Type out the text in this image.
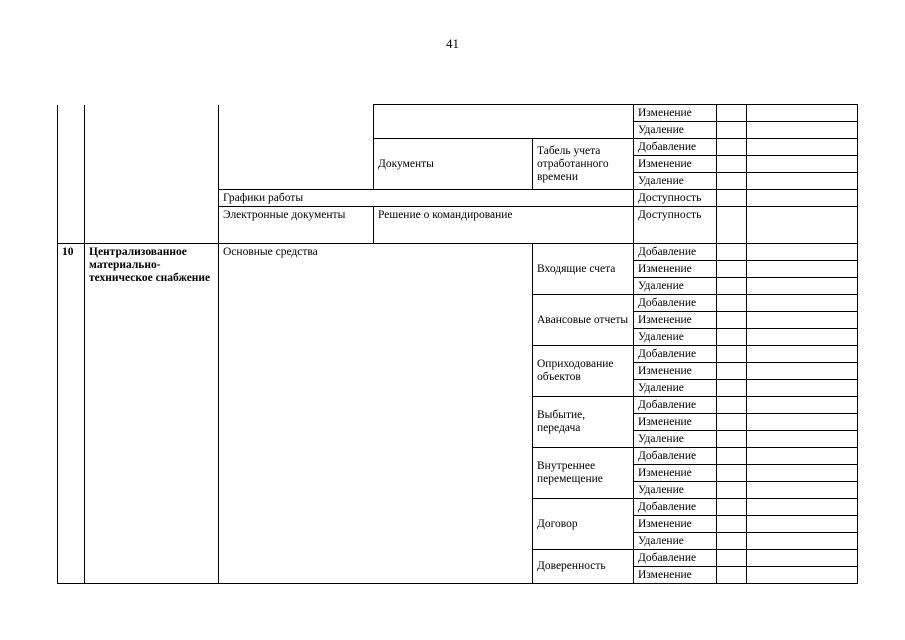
41
					Изменение		
					Удаление		
			Документы	Табель учета отработанного времени	Добавление		
					Изменение		
					Удаление		
		Графики работы			Доступность		
		Электронные документы	Решение о командирование		Доступность		
10	Централизованное материально-техническое снабжение	Основные средства		Входящие счета	Добавление		
					Изменение		
					Удаление		
				Авансовые отчеты	Добавление		
					Изменение		
					Удаление		
				Оприходование объектов	Добавление		
					Изменение		
					Удаление		
				Выбытие, передача	Добавление		
					Изменение		
					Удаление		
				Внутреннее перемещение	Добавление		
					Изменение		
					Удаление		
				Договор	Добавление		
					Изменение		
					Удаление		
				Доверенность	Добавление		
					Изменение		
